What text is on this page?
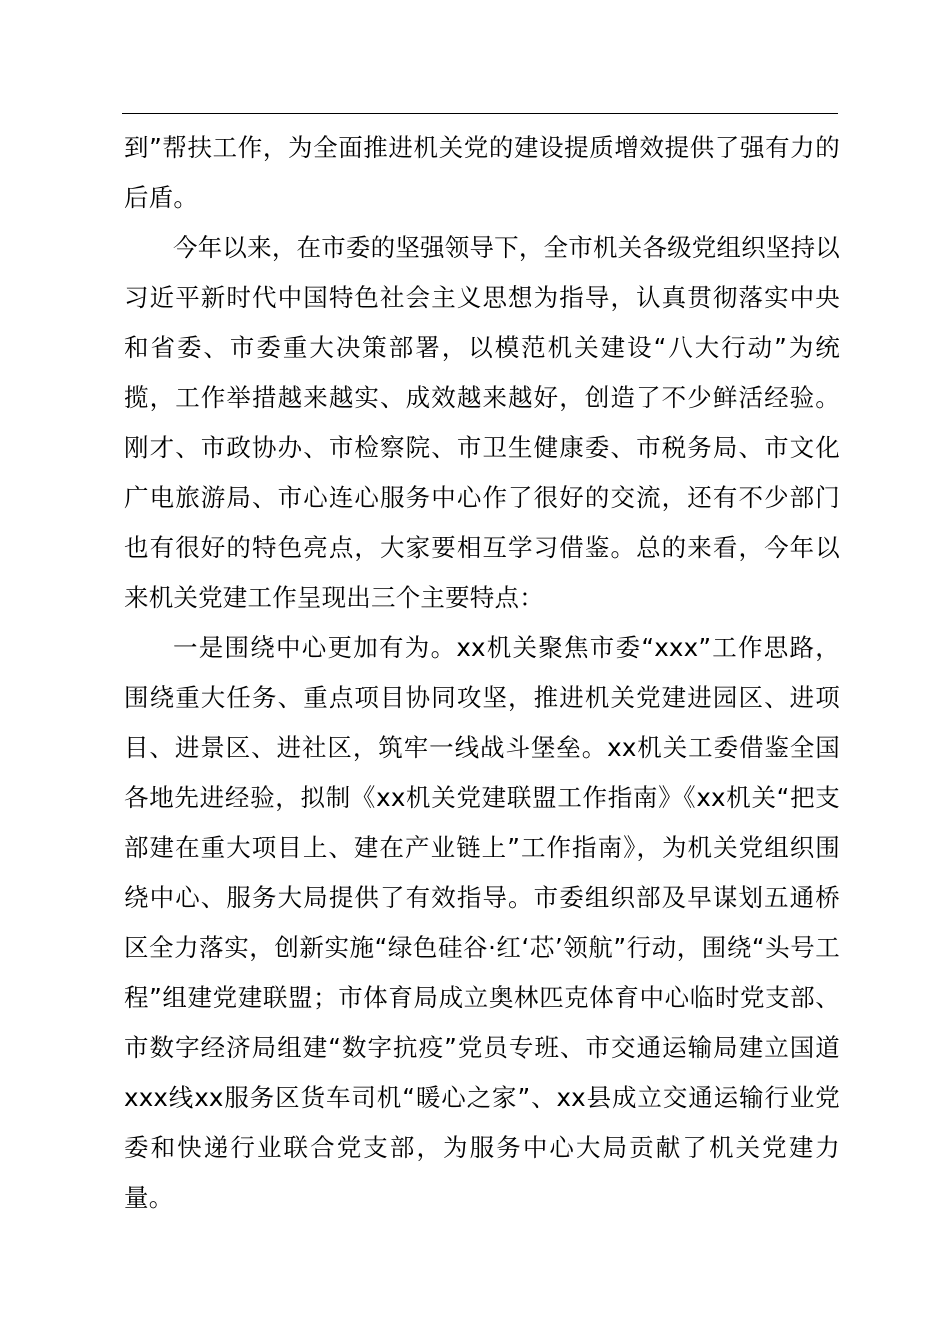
到”帮扶工作，为全面推进机关党的建设提质增效提供了强有力的后盾。

今年以来，在市委的坚强领导下，全市机关各级党组织坚持以习近平新时代中国特色社会主义思想为指导，认真贯彻落实中央和省委、市委重大决策部署，以模范机关建设“八大行动”为统揽，工作举措越来越实、成效越来越好，创造了不少鲜活经验。刚才、市政协办、市检察院、市卫生健康委、市税务局、市文化广电旅游局、市心连心服务中心作了很好的交流，还有不少部门也有很好的特色亮点，大家要相互学习借鉴。总的来看，今年以来机关党建工作呈现出三个主要特点：

一是围绕中心更加有为。xx机关聚焦市委“xxx”工作思路，围绕重大任务、重点项目协同攻坚，推进机关党建进园区、进项目、进景区、进社区，筑牢一线战斗堡垒。xx机关工委借鉴全国各地先进经验，拟制《xx机关党建联盟工作指南》《xx机关“把支部建在重大项目上、建在产业链上”工作指南》，为机关党组织围绕中心、服务大局提供了有效指导。市委组织部及早谋划五通桥区全力落实，创新实施“绿色硅谷·红‘芯’领航”行动，围绕“头号工程”组建党建联盟；市体育局成立奥林匹克体育中心临时党支部、市数字经济局组建“数字抗疫”党员专班、市交通运输局建立国道xxx线xx服务区货车司机“暖心之家”、xx县成立交通运输行业党委和快递行业联合党支部，为服务中心大局贡献了机关党建力量。
